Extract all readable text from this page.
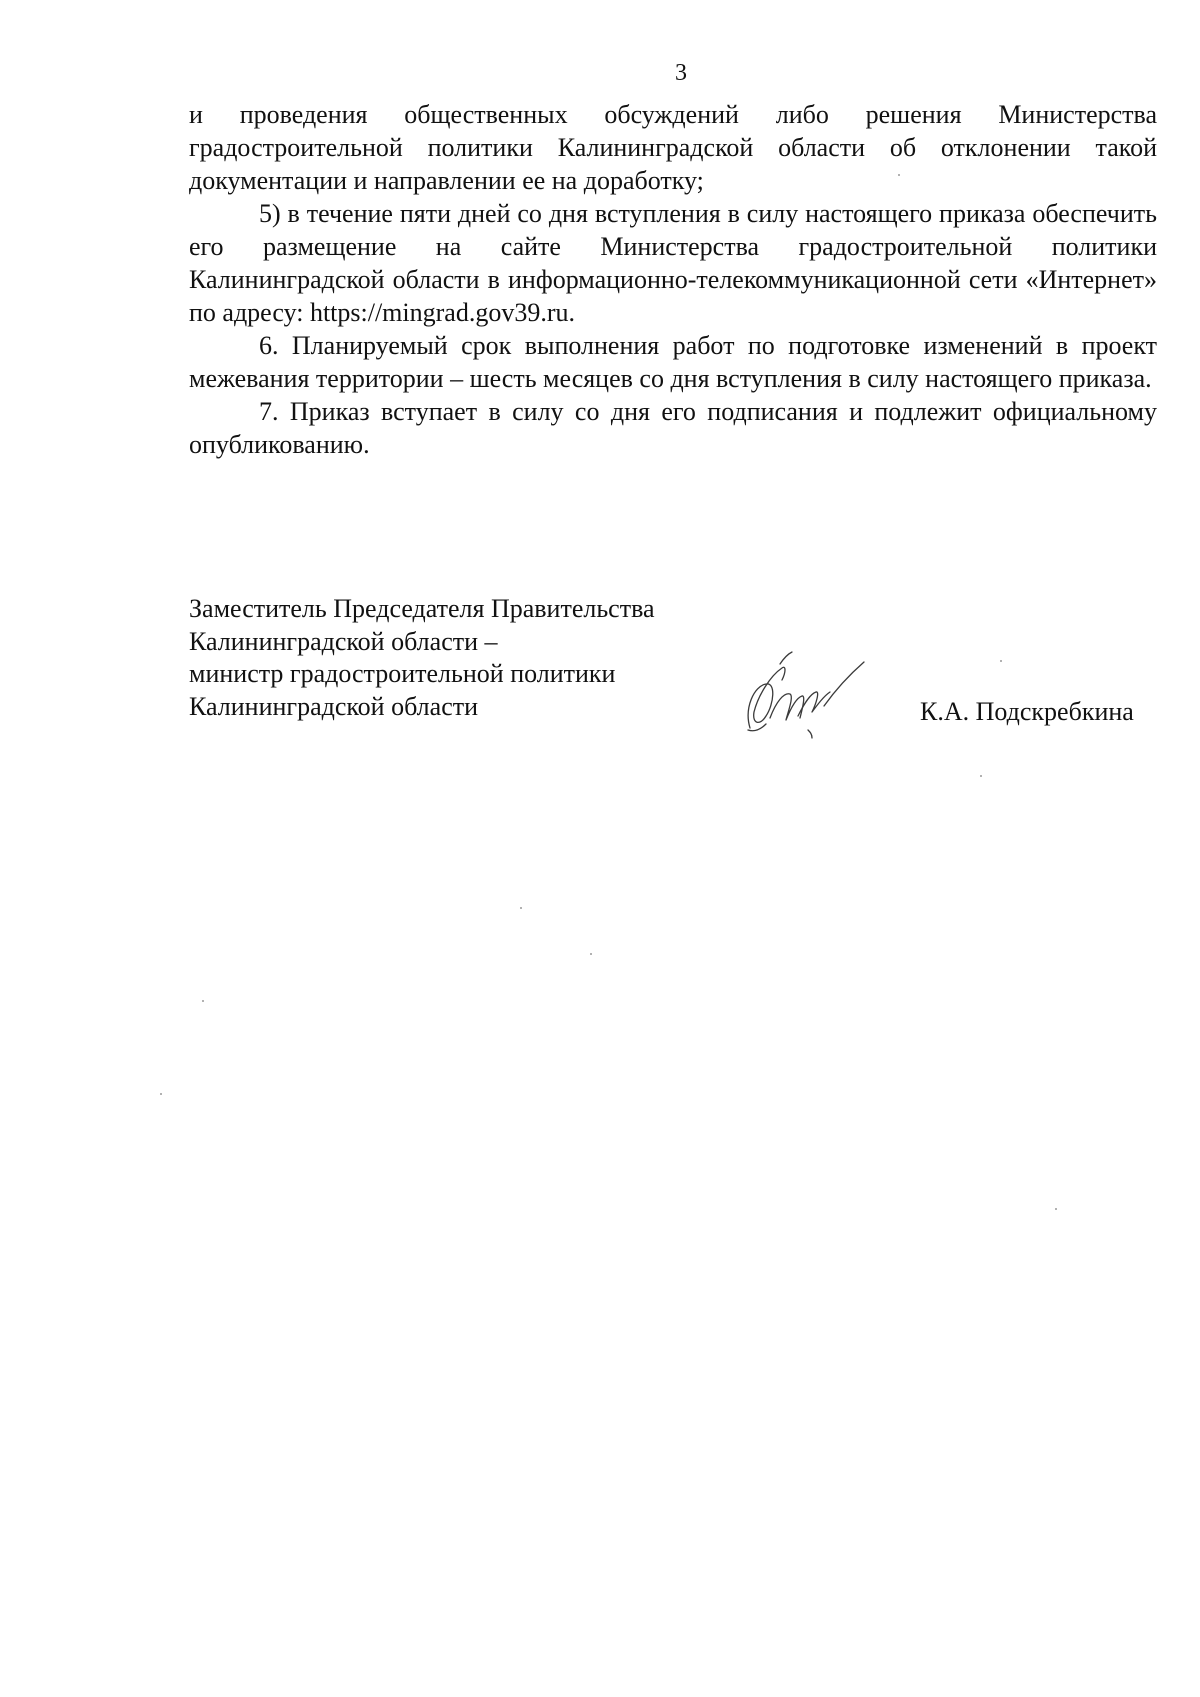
3

и проведения общественных обсуждений либо решения Министерства градостроительной политики Калининградской области об отклонении такой документации и направлении ее на доработку;

5) в течение пяти дней со дня вступления в силу настоящего приказа обеспечить его размещение на сайте Министерства градостроительной политики Калининградской области в информационно-телекоммуникационной сети «Интернет» по адресу: https://mingrad.gov39.ru.

6. Планируемый срок выполнения работ по подготовке изменений в проект межевания территории – шесть месяцев со дня вступления в силу настоящего приказа.

7. Приказ вступает в силу со дня его подписания и подлежит официальному опубликованию.

Заместитель Председателя Правительства
Калининградской области –
министр градостроительной политики
Калининградской области	К.А. Подскребкина
